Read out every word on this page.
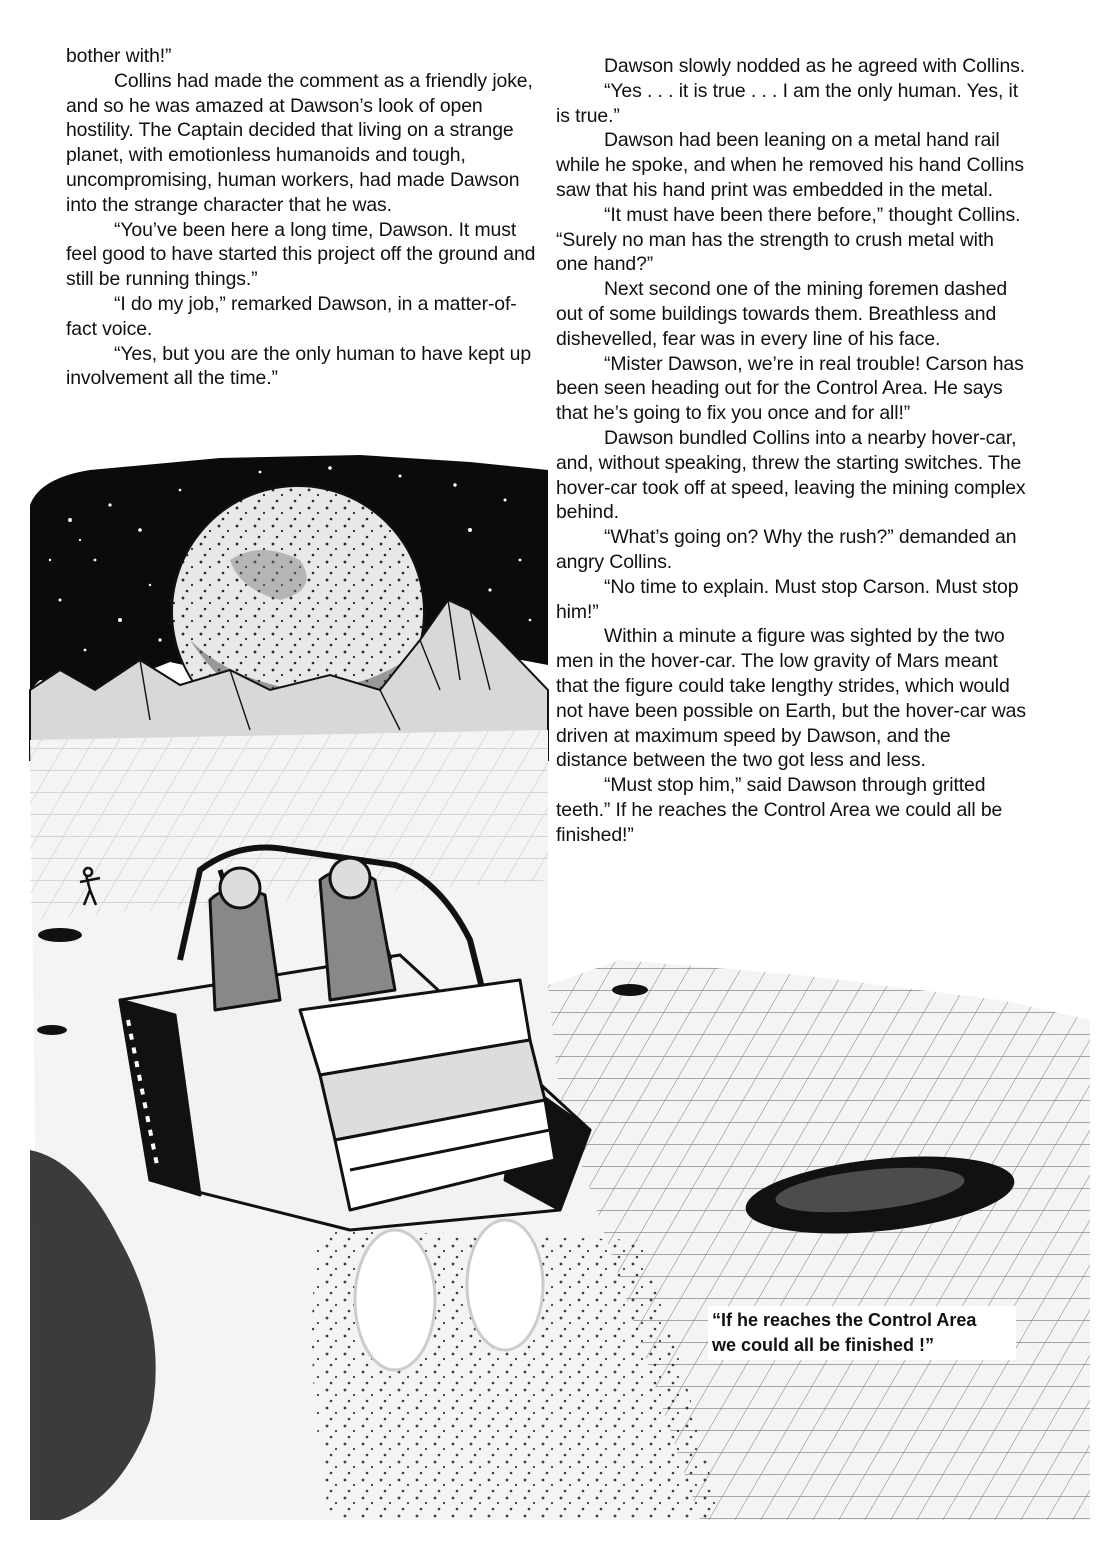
bother with!”

Collins had made the comment as a friendly joke, and so he was amazed at Dawson’s look of open hostility. The Captain decided that living on a strange planet, with emotionless humanoids and tough, uncompromising, human workers, had made Dawson into the strange character that he was.

“You’ve been here a long time, Dawson. It must feel good to have started this project off the ground and still be running things.”

“I do my job,” remarked Dawson, in a matter-of-fact voice.

“Yes, but you are the only human to have kept up involvement all the time.”

Dawson slowly nodded as he agreed with Collins.

“Yes . . . it is true . . . I am the only human. Yes, it is true.”

Dawson had been leaning on a metal hand rail while he spoke, and when he removed his hand Collins saw that his hand print was embedded in the metal.

“It must have been there before,” thought Collins. “Surely no man has the strength to crush metal with one hand?”

Next second one of the mining foremen dashed out of some buildings towards them. Breathless and dishevelled, fear was in every line of his face.

“Mister Dawson, we’re in real trouble! Carson has been seen heading out for the Control Area. He says that he’s going to fix you once and for all!”

Dawson bundled Collins into a nearby hover-car, and, without speaking, threw the starting switches. The hover-car took off at speed, leaving the mining complex behind.

“What’s going on? Why the rush?” demanded an angry Collins.

“No time to explain. Must stop Carson. Must stop him!”

Within a minute a figure was sighted by the two men in the hover-car. The low gravity of Mars meant that the figure could take lengthy strides, which would not have been possible on Earth, but the hover-car was driven at maximum speed by Dawson, and the distance between the two got less and less.

“Must stop him,” said Dawson through gritted teeth.” If he reaches the Control Area we could all be finished!”

“If he reaches the Control Area
we could all be finished !”
